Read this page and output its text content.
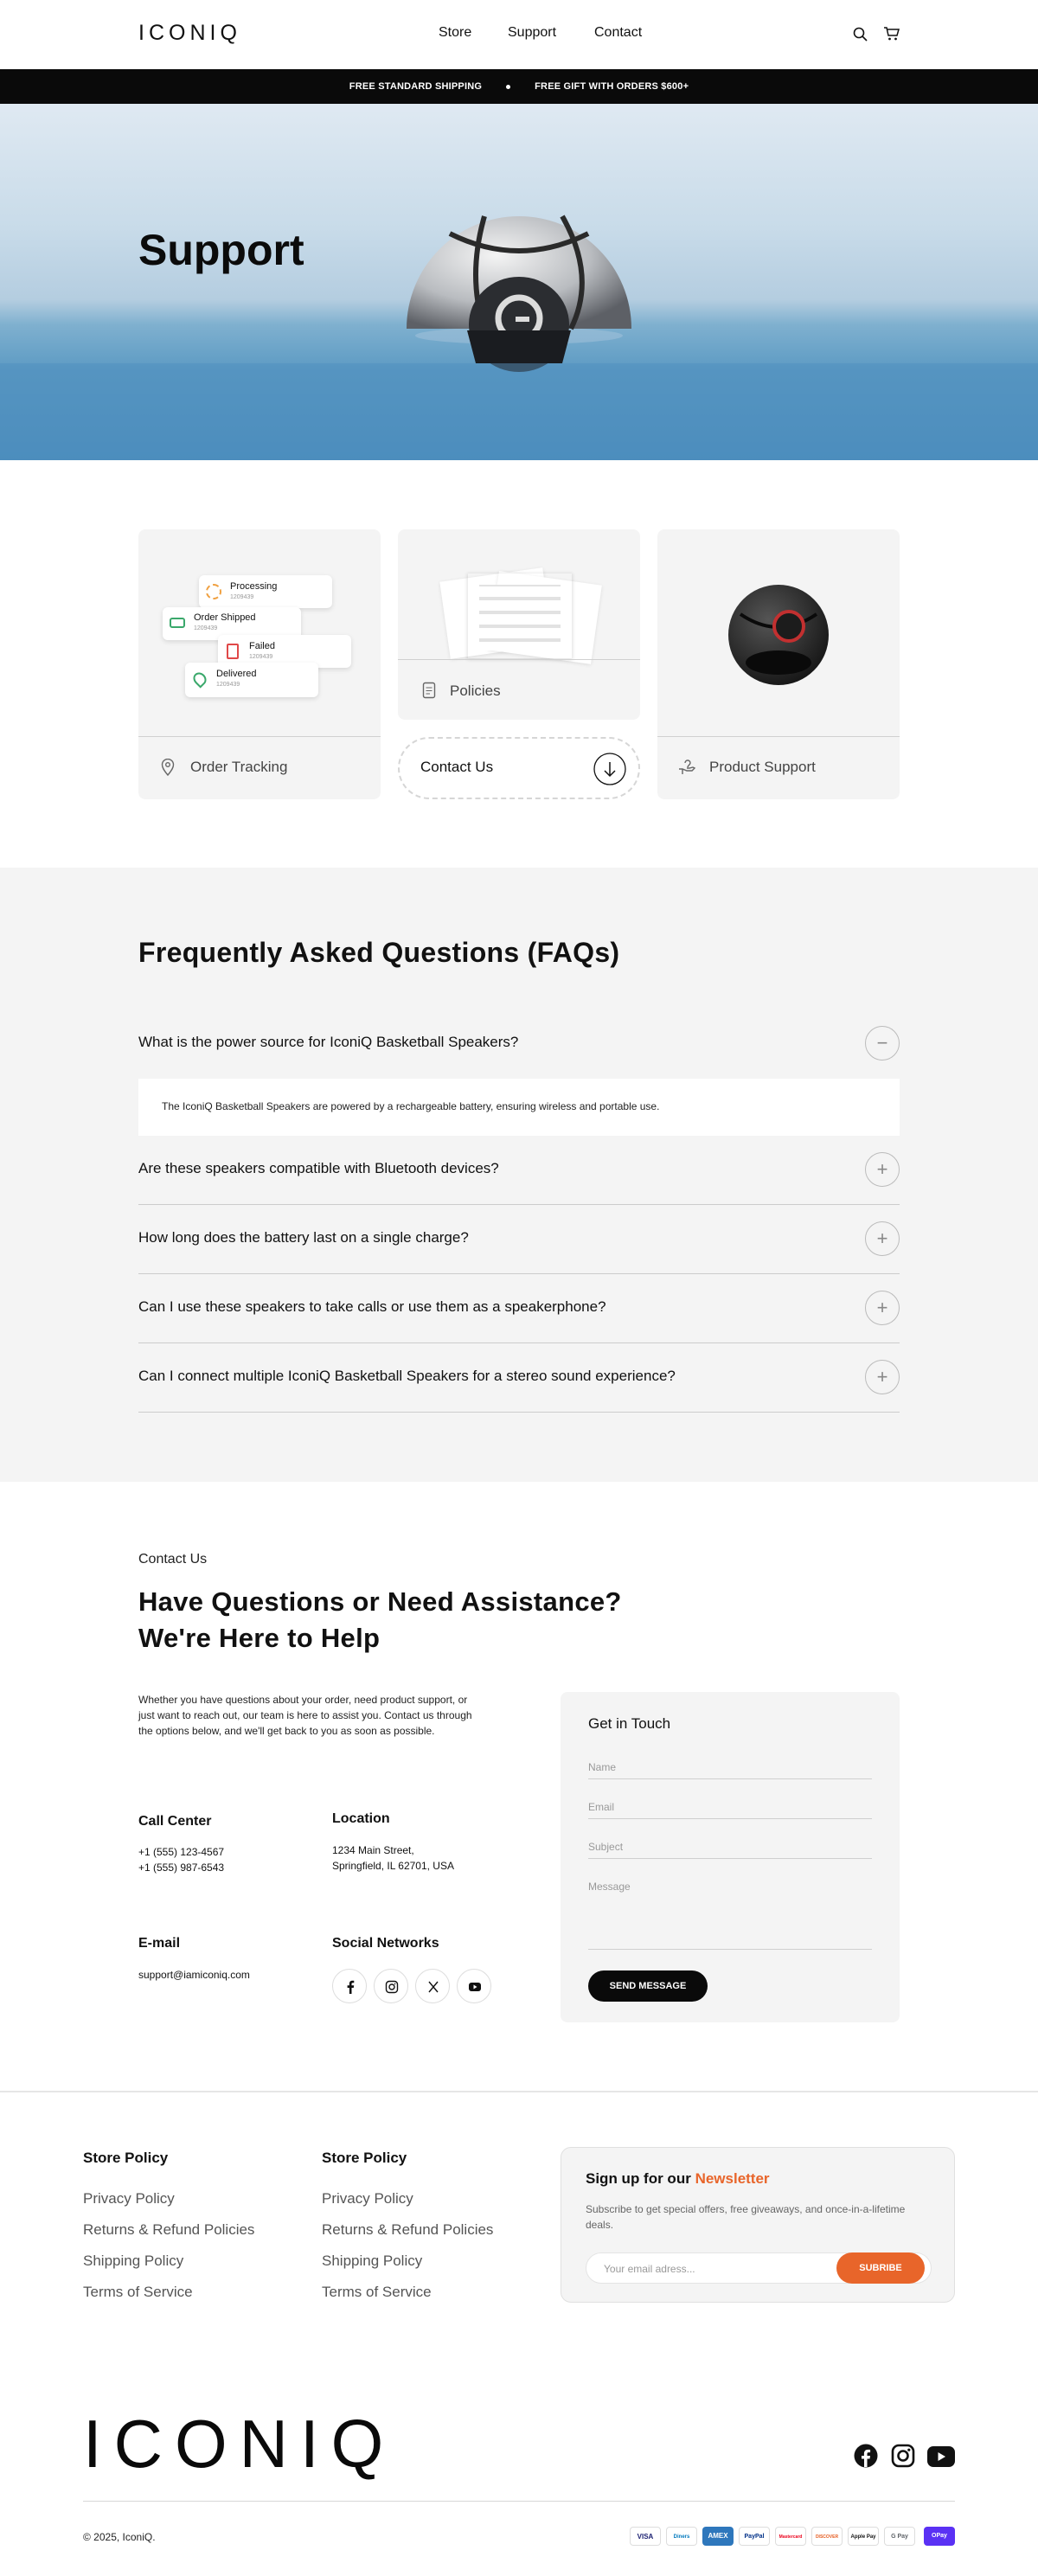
ICONIQ	Store	Support	Contact
FREE STANDARD SHIPPING	FREE GIFT WITH ORDERS $600+
Support
Processing
1209439
Order Shipped
1209439
Failed
1209439
Delivered
1209439
Order Tracking
Policies
Contact Us	Product Support
Frequently Asked Questions (FAQs)
What is the power source for IconiQ Basketball Speakers?	−
The IconiQ Basketball Speakers are powered by a rechargeable battery, ensuring wireless and portable use.
Are these speakers compatible with Bluetooth devices?	+
How long does the battery last on a single charge?	+
Can I use these speakers to take calls or use them as a speakerphone?	+
Can I connect multiple IconiQ Basketball Speakers for a stereo sound experience?	+
Contact Us
Have Questions or Need Assistance?
We're Here to Help
Whether you have questions about your order, need product support, or just want to reach out, our team is here to assist you. Contact us through the options below, and we'll get back to you as soon as possible.
Call Center
+1 (555) 123-4567
+1 (555) 987-6543
Location
1234 Main Street,
Springfield, IL 62701, USA
E-mail
support@iamiconiq.com
Social Networks
Get in Touch
Name
Email
Subject
Message
SEND MESSAGE
Store Policy
Privacy Policy
Returns & Refund Policies
Shipping Policy
Terms of Service
Store Policy
Privacy Policy
Returns & Refund Policies
Shipping Policy
Terms of Service
Sign up for our Newsletter
Subscribe to get special offers, free giveaways, and once-in-a-lifetime deals.
Your email adress...	SUBRIBE
ICONIQ
© 2025, IconiQ.	VISA	Diners	AMEX	PayPal	Mastercard	DISCOVER	Apple Pay	G Pay	OPay
